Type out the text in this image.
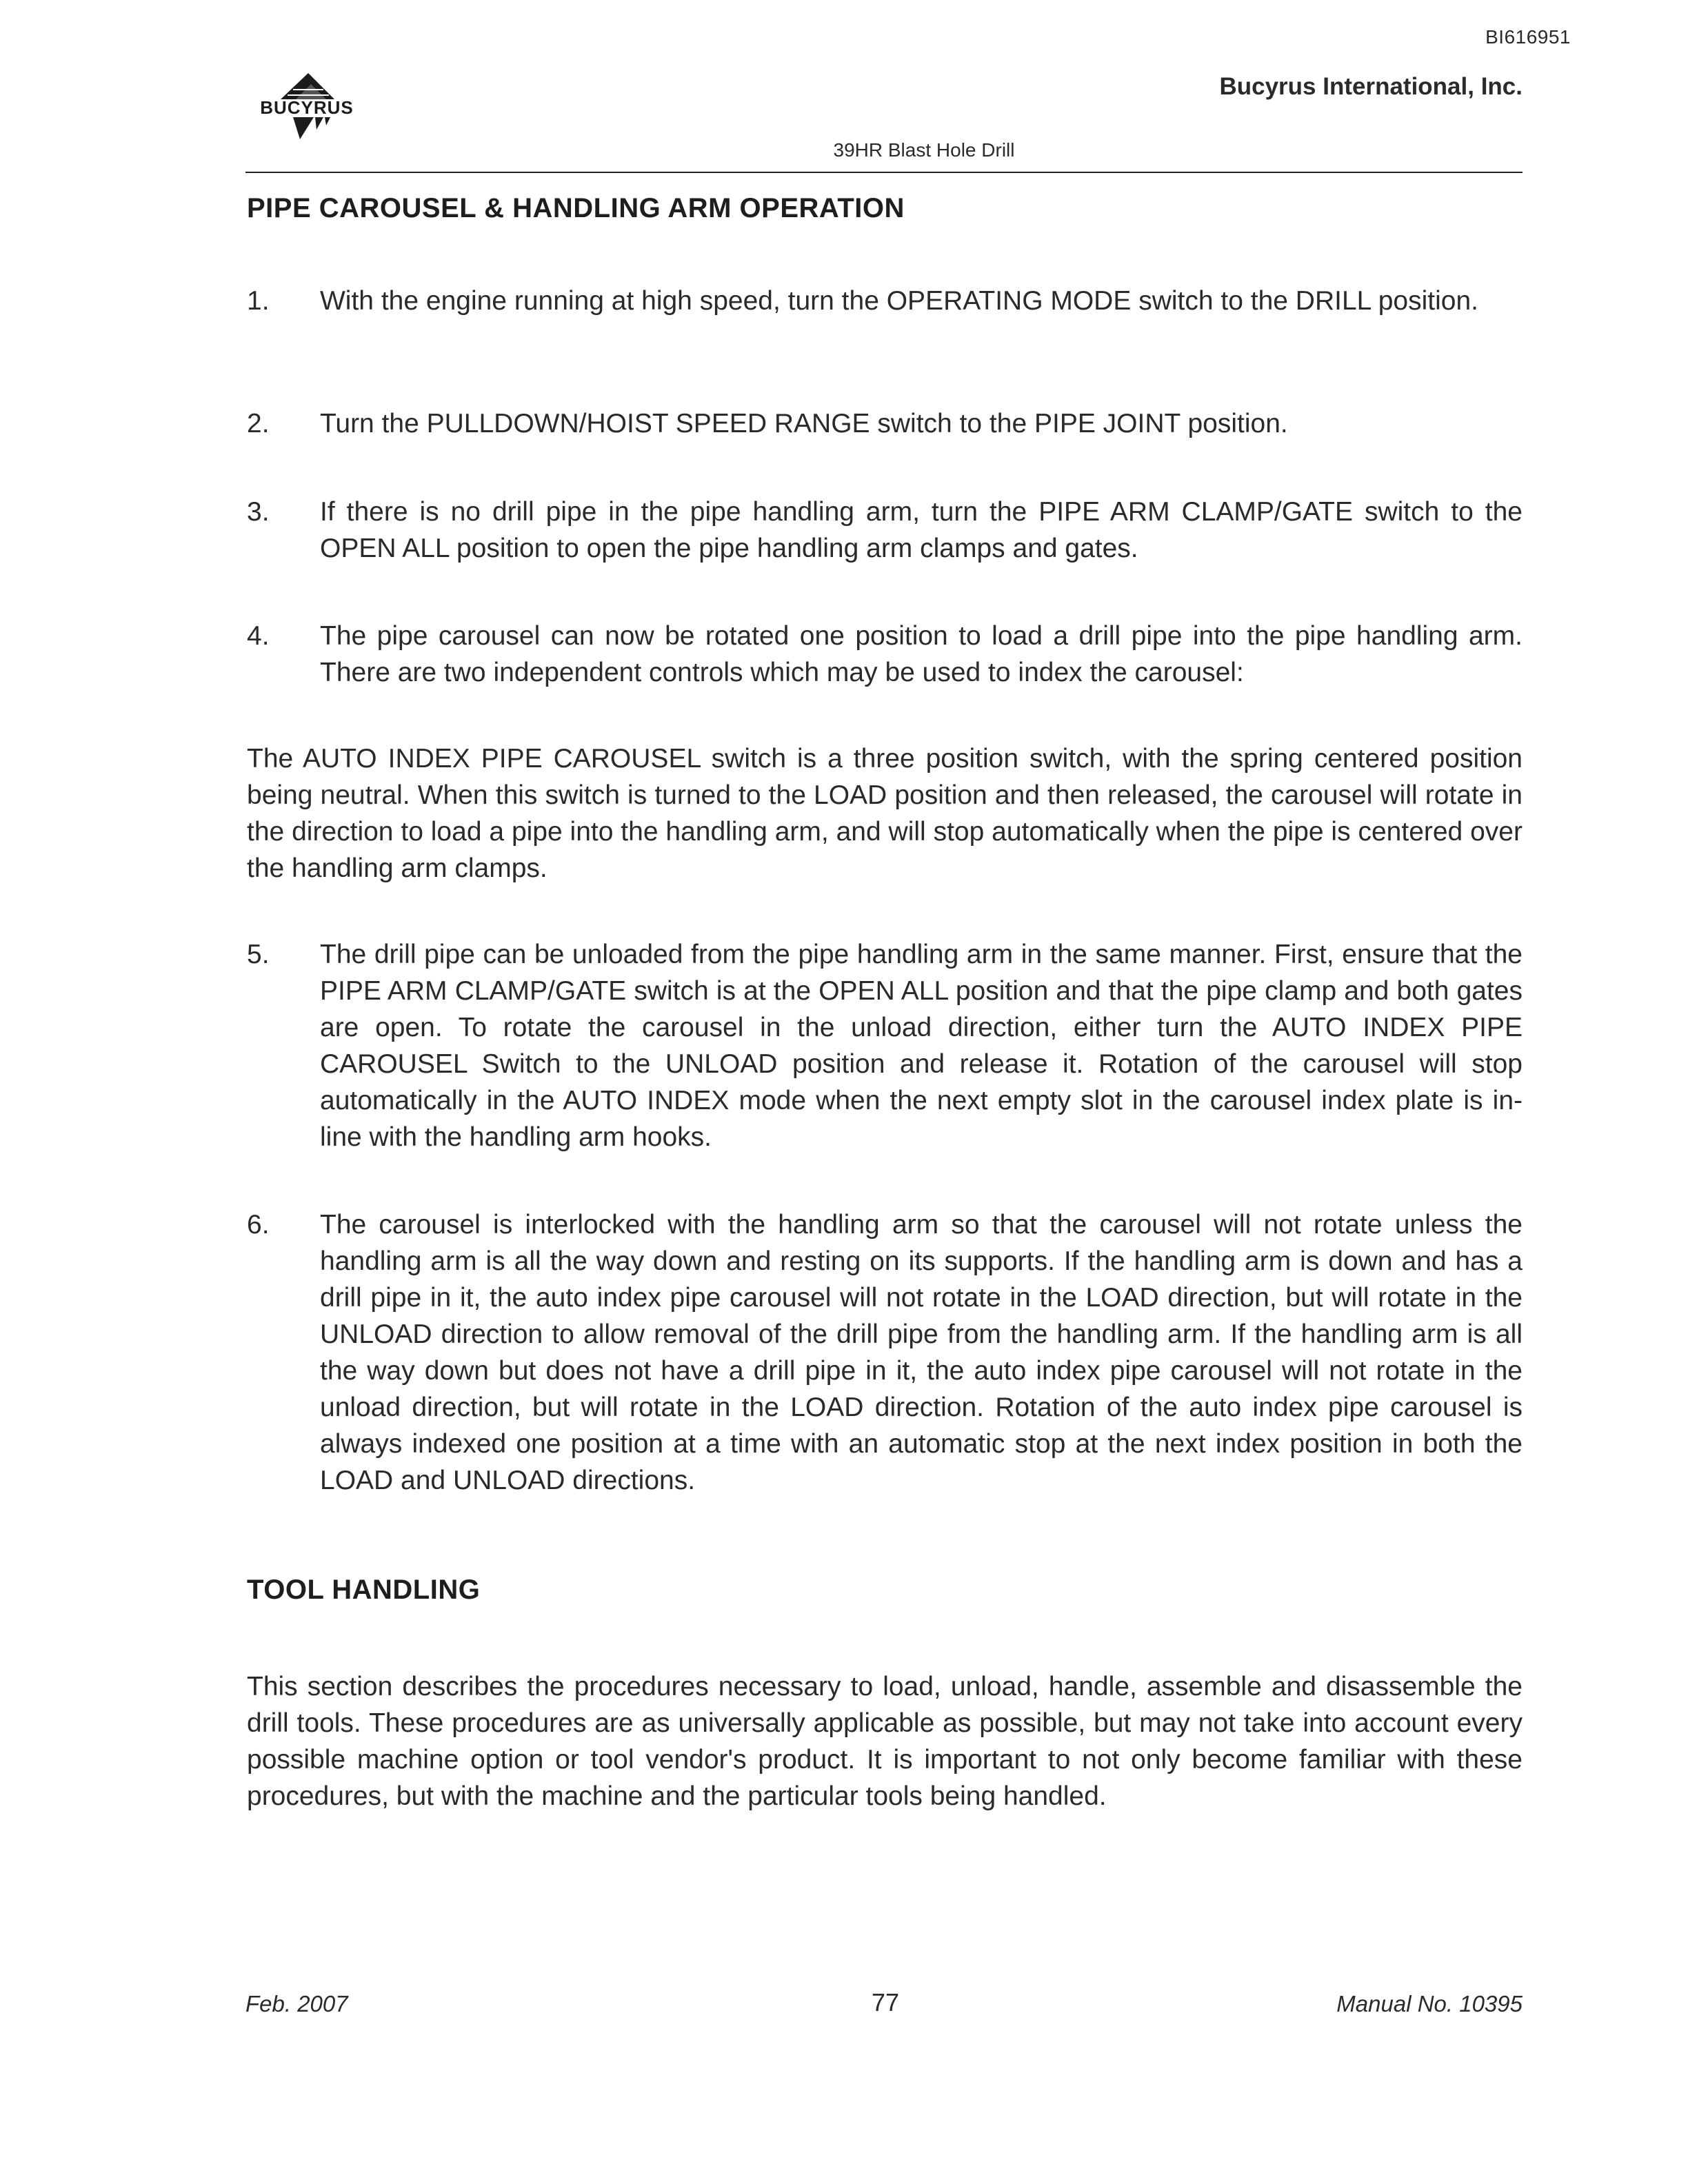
BI616951
BUCYRUS
Bucyrus International, Inc.
39HR Blast Hole Drill
PIPE CAROUSEL & HANDLING ARM OPERATION
1.	With the engine running at high speed, turn the OPERATING MODE switch to the DRILL position.
2.	Turn the PULLDOWN/HOIST SPEED RANGE switch to the PIPE JOINT position.
3.	If there is no drill pipe in the pipe handling arm, turn the PIPE ARM CLAMP/GATE switch to the OPEN ALL position to open the pipe handling arm clamps and gates.
4.	The pipe carousel can now be rotated one position to load a drill pipe into the pipe handling arm. There are two independent controls which may be used to index the carousel:
The AUTO INDEX PIPE CAROUSEL switch is a three position switch, with the spring centered position being neutral. When this switch is turned to the LOAD position and then released, the carousel will rotate in the direction to load a pipe into the handling arm, and will stop automatically when the pipe is centered over the handling arm clamps.
5.	The drill pipe can be unloaded from the pipe handling arm in the same manner. First, ensure that the PIPE ARM CLAMP/GATE switch is at the OPEN ALL position and that the pipe clamp and both gates are open. To rotate the carousel in the unload direction, either turn the AUTO INDEX PIPE CAROUSEL Switch to the UNLOAD position and release it. Rotation of the carousel will stop automatically in the AUTO INDEX mode when the next empty slot in the carousel index plate is in-line with the handling arm hooks.
6.	The carousel is interlocked with the handling arm so that the carousel will not rotate unless the handling arm is all the way down and resting on its supports. If the handling arm is down and has a drill pipe in it, the auto index pipe carousel will not rotate in the LOAD direction, but will rotate in the UNLOAD direction to allow removal of the drill pipe from the handling arm. If the handling arm is all the way down but does not have a drill pipe in it, the auto index pipe carousel will not rotate in the unload direction, but will rotate in the LOAD direction. Rotation of the auto index pipe carousel is always indexed one position at a time with an automatic stop at the next index position in both the LOAD and UNLOAD directions.
TOOL HANDLING
This section describes the procedures necessary to load, unload, handle, assemble and disassemble the drill tools. These procedures are as universally applicable as possible, but may not take into account every possible machine option or tool vendor's product. It is important to not only become familiar with these procedures, but with the machine and the particular tools being handled.
Feb. 2007	77	Manual No. 10395
